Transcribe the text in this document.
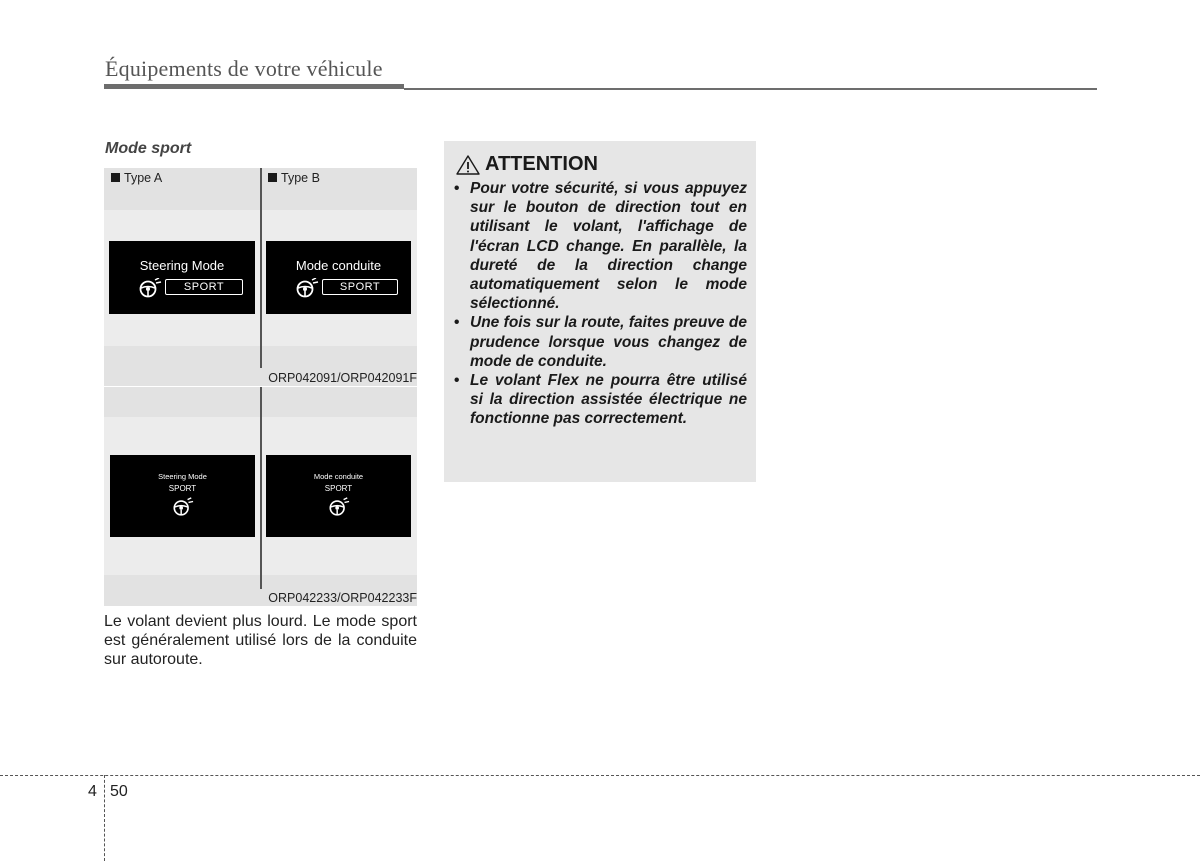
Équipements de votre véhicule
Mode sport
Type A	Type B
Steering Mode
SPORT
Mode conduite
SPORT
ORP042091/ORP042091F
Steering Mode
SPORT
Mode conduite
SPORT
ORP042233/ORP042233F
Le volant devient plus lourd. Le mode sport est généralement utilisé lors de la conduite sur autoroute.
ATTENTION
• Pour votre sécurité, si vous appuyez sur le bouton de direction tout en utilisant le volant, l'affichage de l'écran LCD change. En parallèle, la dureté de la direction change automatiquement selon le mode sélectionné.
• Une fois sur la route, faites preuve de prudence lorsque vous changez de mode de conduite.
• Le volant Flex ne pourra être utilisé si la direction assistée électrique ne fonctionne pas correctement.
4 50
